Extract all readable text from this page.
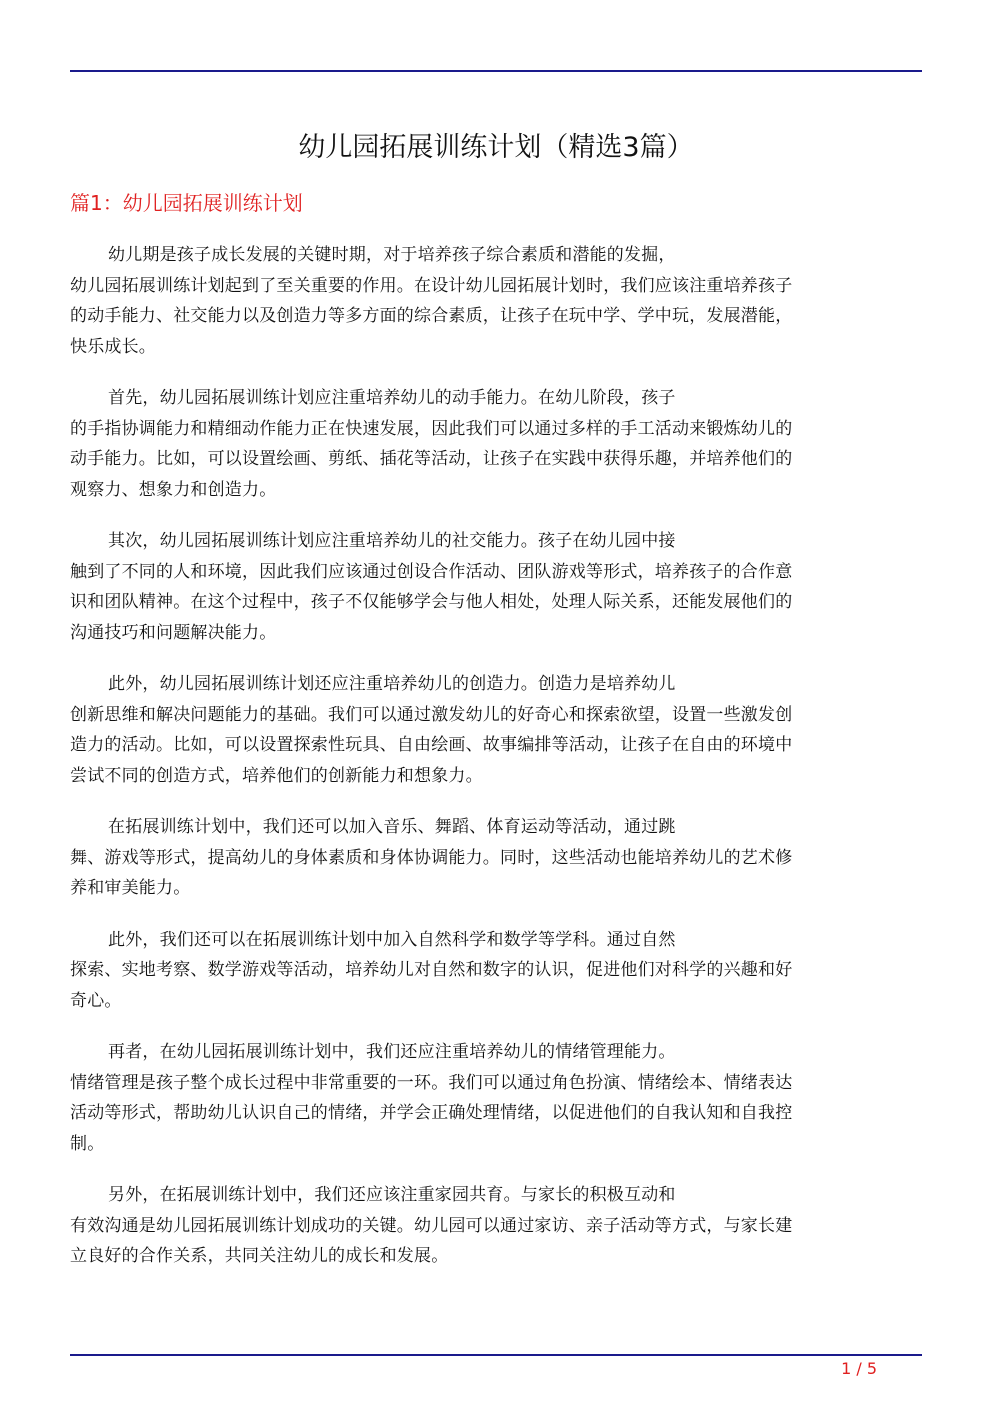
幼儿园拓展训练计划（精选3篇）
篇1：幼儿园拓展训练计划

幼儿期是孩子成长发展的关键时期，对于培养孩子综合素质和潜能的发掘，
幼儿园拓展训练计划起到了至关重要的作用。在设计幼儿园拓展计划时，我们应该注重培养孩子
的动手能力、社交能力以及创造力等多方面的综合素质，让孩子在玩中学、学中玩，发展潜能，
快乐成长。

首先，幼儿园拓展训练计划应注重培养幼儿的动手能力。在幼儿阶段，孩子
的手指协调能力和精细动作能力正在快速发展，因此我们可以通过多样的手工活动来锻炼幼儿的
动手能力。比如，可以设置绘画、剪纸、插花等活动，让孩子在实践中获得乐趣，并培养他们的
观察力、想象力和创造力。

其次，幼儿园拓展训练计划应注重培养幼儿的社交能力。孩子在幼儿园中接
触到了不同的人和环境，因此我们应该通过创设合作活动、团队游戏等形式，培养孩子的合作意
识和团队精神。在这个过程中，孩子不仅能够学会与他人相处，处理人际关系，还能发展他们的
沟通技巧和问题解决能力。

此外，幼儿园拓展训练计划还应注重培养幼儿的创造力。创造力是培养幼儿
创新思维和解决问题能力的基础。我们可以通过激发幼儿的好奇心和探索欲望，设置一些激发创
造力的活动。比如，可以设置探索性玩具、自由绘画、故事编排等活动，让孩子在自由的环境中
尝试不同的创造方式，培养他们的创新能力和想象力。

在拓展训练计划中，我们还可以加入音乐、舞蹈、体育运动等活动，通过跳
舞、游戏等形式，提高幼儿的身体素质和身体协调能力。同时，这些活动也能培养幼儿的艺术修
养和审美能力。

此外，我们还可以在拓展训练计划中加入自然科学和数学等学科。通过自然
探索、实地考察、数学游戏等活动，培养幼儿对自然和数字的认识，促进他们对科学的兴趣和好
奇心。

再者，在幼儿园拓展训练计划中，我们还应注重培养幼儿的情绪管理能力。
情绪管理是孩子整个成长过程中非常重要的一环。我们可以通过角色扮演、情绪绘本、情绪表达
活动等形式，帮助幼儿认识自己的情绪，并学会正确处理情绪，以促进他们的自我认知和自我控
制。

另外，在拓展训练计划中，我们还应该注重家园共育。与家长的积极互动和
有效沟通是幼儿园拓展训练计划成功的关键。幼儿园可以通过家访、亲子活动等方式，与家长建
立良好的合作关系，共同关注幼儿的成长和发展。

1 / 5
